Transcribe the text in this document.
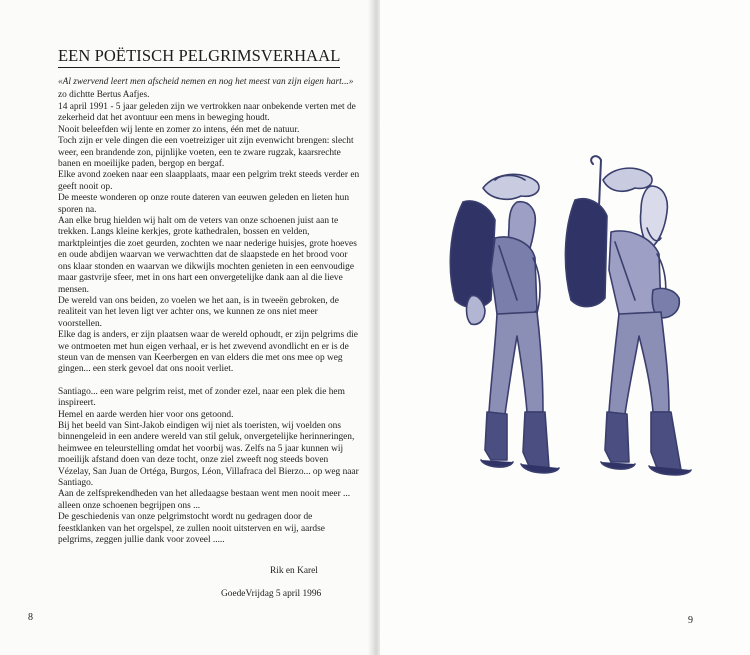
EEN POËTISCH PELGRIMSVERHAAL
«Al zwervend leert men afscheid nemen en nog het meest van zijn eigen hart...» zo dichtte Bertus Aafjes.

14 april 1991 - 5 jaar geleden zijn we vertrokken naar onbekende verten met de zekerheid dat het avontuur een mens in beweging houdt.

Nooit beleefden wij lente en zomer zo intens, één met de natuur.

Toch zijn er vele dingen die een voetreiziger uit zijn evenwicht brengen: slecht weer, een brandende zon, pijnlijke voeten, een te zware rugzak, kaarsrechte banen en moeilijke paden, bergop en bergaf.

Elke avond zoeken naar een slaapplaats, maar een pelgrim trekt steeds verder en geeft nooit op.

De meeste wonderen op onze route dateren van eeuwen geleden en lieten hun sporen na.

Aan elke brug hielden wij halt om de veters van onze schoenen juist aan te trekken. Langs kleine kerkjes, grote kathedralen, bossen en velden, marktpleintjes die zoet geurden, zochten we naar nederige huisjes, grote hoeves en oude abdijen waarvan we verwachtten dat de slaapstede en het brood voor ons klaar stonden en waarvan we dikwijls mochten genieten in een eenvoudige maar gastvrije sfeer, met in ons hart een onvergetelijke dank aan al die lieve mensen.

De wereld van ons beiden, zo voelen we het aan, is in tweeën gebroken, de realiteit van het leven ligt ver achter ons, we kunnen ze ons niet meer voorstellen.

Elke dag is anders, er zijn plaatsen waar de wereld ophoudt, er zijn pelgrims die we ontmoeten met hun eigen verhaal, er is het zwevend avondlicht en er is de steun van de mensen van Keerbergen en van elders die met ons mee op weg gingen... een sterk gevoel dat ons nooit verliet.

Santiago... een ware pelgrim reist, met of zonder ezel, naar een plek die hem inspireert.

Hemel en aarde werden hier voor ons getoond.

Bij het beeld van Sint-Jakob eindigen wij niet als toeristen, wij voelden ons binnengeleid in een andere wereld van stil geluk, onvergetelijke herinneringen, heimwee en teleurstelling omdat het voorbij was. Zelfs na 5 jaar kunnen wij moeilijk afstand doen van deze tocht, onze ziel zweeft nog steeds boven Vézelay, San Juan de Ortéga, Burgos, Léon, Villafraca del Bierzo... op weg naar Santiago.

Aan de zelfsprekendheden van het alledaagse bestaan went men nooit meer ... alleen onze schoenen begrijpen ons ...

De geschiedenis van onze pelgrimstocht wordt nu gedragen door de feestklanken van het orgelspel, ze zullen nooit uitsterven en wij, aardse pelgrims, zeggen jullie dank voor zoveel .....

Rik en Karel
GoedeVrijdag 5 april 1996
8	9
